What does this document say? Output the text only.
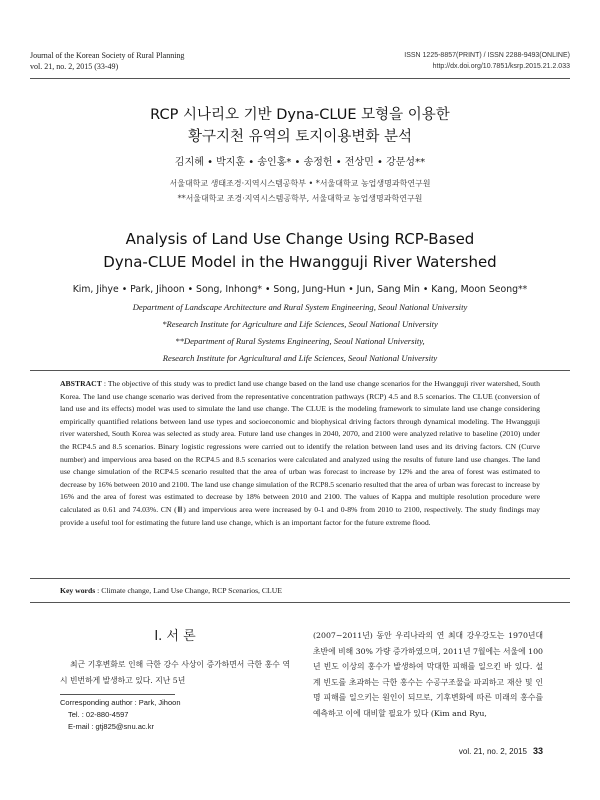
Journal of the Korean Society of Rural Planning
vol. 21, no. 2, 2015 (33-49)
ISSN 1225-8857(PRINT) / ISSN 2288-9493(ONLINE)
http://dx.doi.org/10.7851/ksrp.2015.21.2.033
RCP 시나리오 기반 Dyna-CLUE 모형을 이용한
황구지천 유역의 토지이용변화 분석
김지혜 • 박지훈 • 송인홍* • 송정헌 • 전상민 • 강문성**
서울대학교 생태조경·지역시스템공학부 • *서울대학교 농업생명과학연구원
**서울대학교 조경·지역시스템공학부, 서울대학교 농업생명과학연구원
Analysis of Land Use Change Using RCP-Based
Dyna-CLUE Model in the Hwangguji River Watershed
Kim, Jihye • Park, Jihoon • Song, Inhong* • Song, Jung-Hun • Jun, Sang Min • Kang, Moon Seong**
Department of Landscape Architecture and Rural System Engineering, Seoul National University
*Research Institute for Agriculture and Life Sciences, Seoul National University
**Department of Rural Systems Engineering, Seoul National University,
Research Institute for Agricultural and Life Sciences, Seoul National University
ABSTRACT : The objective of this study was to predict land use change based on the land use change scenarios for the Hwangguji river watershed, South Korea. The land use change scenario was derived from the representative concentration pathways (RCP) 4.5 and 8.5 scenarios. The CLUE (conversion of land use and its effects) model was used to simulate the land use change. The CLUE is the modeling framework to simulate land use change considering empirically quantified relations between land use types and socioeconomic and biophysical driving factors through dynamical modeling. The Hwangguji river watershed, South Korea was selected as study area. Future land use changes in 2040, 2070, and 2100 were analyzed relative to baseline (2010) under the RCP4.5 and 8.5 scenarios. Binary logistic regressions were carried out to identify the relation between land uses and its driving factors. CN (Curve number) and impervious area based on the RCP4.5 and 8.5 scenarios were calculated and analyzed using the results of future land use changes. The land use change simulation of the RCP4.5 scenario resulted that the area of urban was forecast to increase by 12% and the area of forest was estimated to decrease by 16% between 2010 and 2100. The land use change simulation of the RCP8.5 scenario resulted that the area of urban was forecast to increase by 16% and the area of forest was estimated to decrease by 18% between 2010 and 2100. The values of Kappa and multiple resolution procedure were calculated as 0.61 and 74.03%. CN (Ⅲ) and impervious area were increased by 0-1 and 0-8% from 2010 to 2100, respectively. The study findings may provide a useful tool for estimating the future land use change, which is an important factor for the future extreme flood.
Key words : Climate change, Land Use Change, RCP Scenarios, CLUE
Ⅰ. 서 론
최근 기후변화로 인해 극한 강수 사상이 증가하면서 극한 홍수 역시 빈번하게 발생하고 있다. 지난 5년
(2007∼2011년) 동안 우리나라의 연 최대 강우강도는 1970년대 초반에 비해 30% 가량 증가하였으며, 2011년 7월에는 서울에 100년 빈도 이상의 홍수가 발생하여 막대한 피해를 일으킨 바 있다. 설계 빈도를 초과하는 극한 홍수는 수공구조물을 파괴하고 재산 및 인명 피해를 일으키는 원인이 되므로, 기후변화에 따른 미래의 홍수를 예측하고 이에 대비할 필요가 있다 (Kim and Ryu,
Corresponding author : Park, Jihoon
Tel. : 02-880-4597
E-mail : gtj825@snu.ac.kr
vol. 21, no. 2, 2015 33
